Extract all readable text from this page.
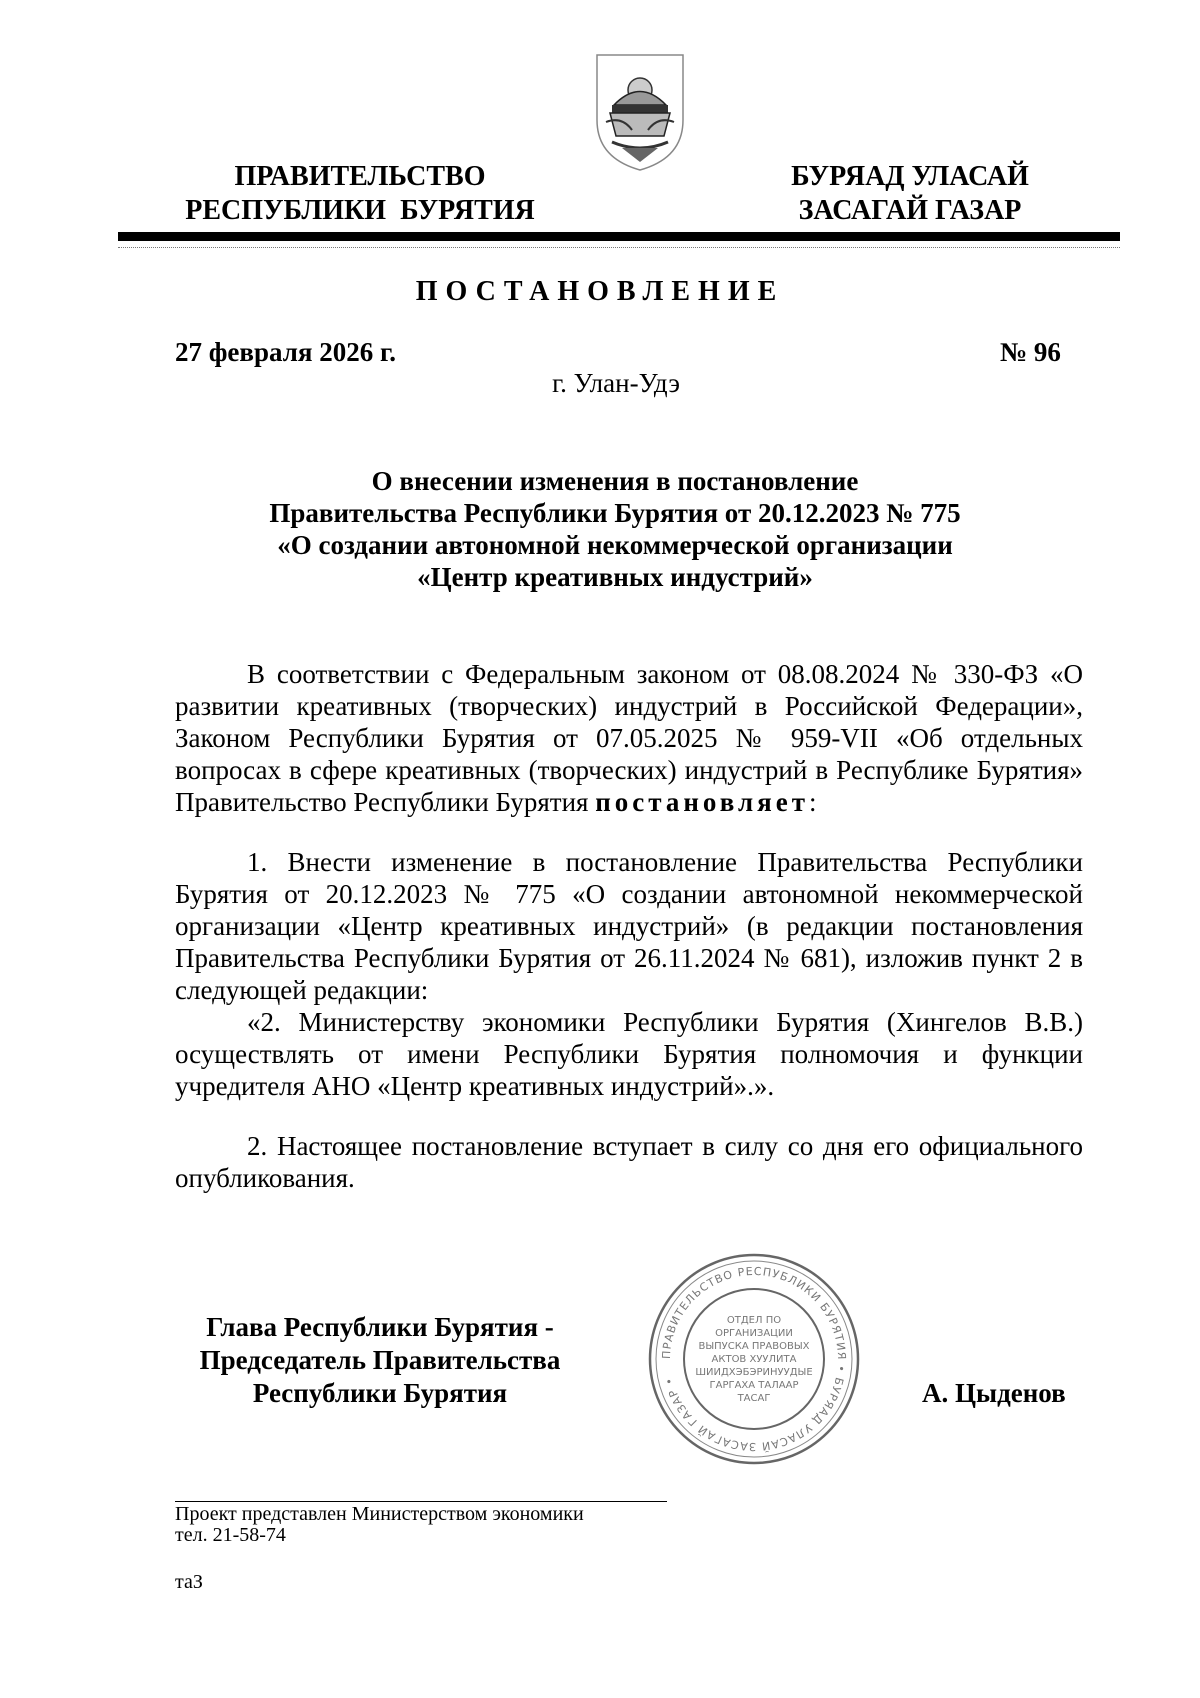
ПРАВИТЕЛЬСТВО
РЕСПУБЛИКИ  БУРЯТИЯ
БУРЯАД УЛАСАЙ
ЗАСАГАЙ ГАЗАР
ПОСТАНОВЛЕНИЕ
27 февраля 2026 г.	№ 96
г. Улан-Удэ
О внесении изменения в постановление
Правительства Республики Бурятия от 20.12.2023 № 775
«О создании автономной некоммерческой организации
«Центр креативных индустрий»

В соответствии с Федеральным законом от 08.08.2024 № 330-ФЗ «О развитии креативных (творческих) индустрий в Российской Федерации», Законом Республики Бурятия от 07.05.2025 № 959-VII «Об отдельных вопросах в сфере креативных (творческих) индустрий в Республике Бурятия» Правительство Республики Бурятия постановляет:

1. Внести изменение в постановление Правительства Республики Бурятия от 20.12.2023 № 775 «О создании автономной некоммерческой организации «Центр креативных индустрий» (в редакции постановления Правительства Республики Бурятия от 26.11.2024 № 681), изложив пункт 2 в следующей редакции:

«2. Министерству экономики Республики Бурятия (Хингелов В.В.) осуществлять от имени Республики Бурятия полномочия и функции учредителя АНО «Центр креативных индустрий».».

2. Настоящее постановление вступает в силу со дня его официального опубликования.

Глава Республики Бурятия -
Председатель Правительства
Республики Бурятия
ПРАВИТЕЛЬСТВО РЕСПУБЛИКИ БУРЯТИЯ • БУРЯАД УЛАСАЙ ЗАСАГАЙ ГАЗАР •
ОТДЕЛ ПО
ОРГАНИЗАЦИИ
ВЫПУСКА ПРАВОВЫХ
АКТОВ ХУУЛИТА
ШИИДХЭБЭРИНУУДЫЕ
ГАРГАХА ТАЛААР
ТАСАГ	А. Цыденов
Проект представлен Министерством экономики
тел. 21-58-74
таЗ
